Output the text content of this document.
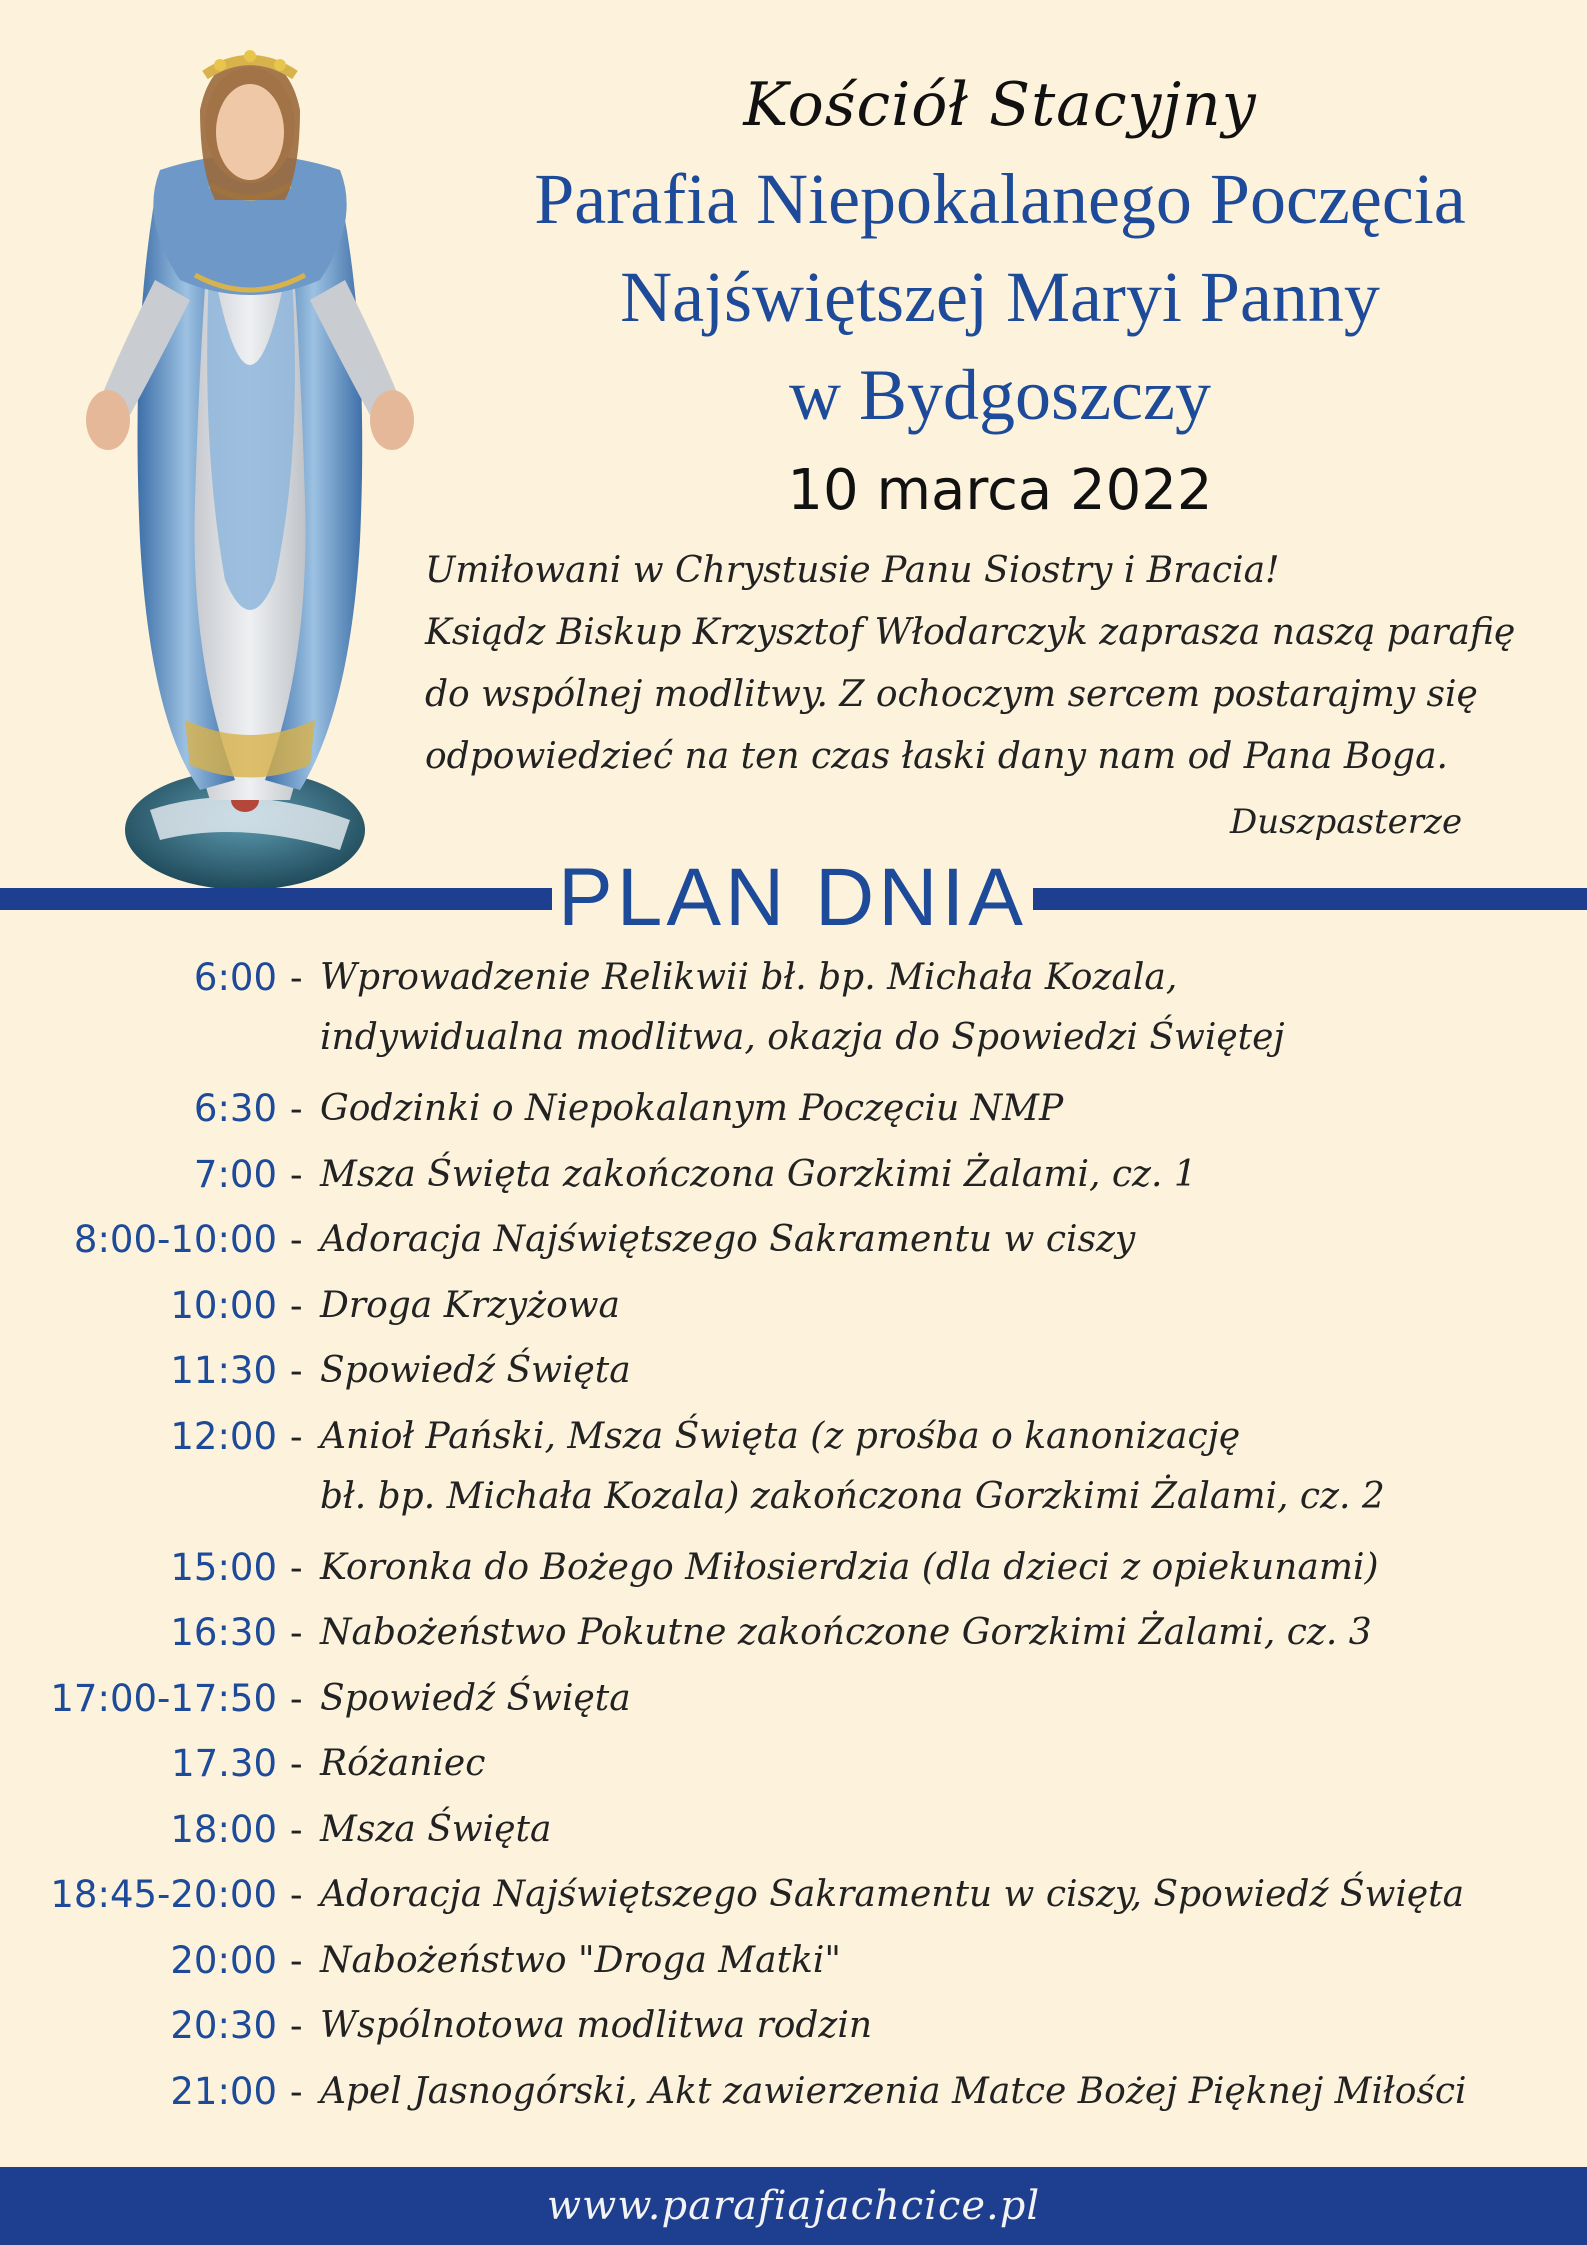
Kościół Stacyjny
Parafia Niepokalanego Poczęcia
Najświętszej Maryi Panny
w Bydgoszczy
10 marca 2022

Umiłowani w Chrystusie Panu Siostry i Bracia!

Ksiądz Biskup Krzysztof Włodarczyk zaprasza naszą parafię

do wspólnej modlitwy. Z ochoczym sercem postarajmy się

odpowiedzieć na ten czas łaski dany nam od Pana Boga.

Duszpasterze
PLAN DNIA
6:00 - Wprowadzenie Relikwii bł. bp. Michała Kozala,
indywidualna modlitwa, okazja do Spowiedzi Świętej
6:30 - Godzinki o Niepokalanym Poczęciu NMP
7:00 - Msza Święta zakończona Gorzkimi Żalami, cz. 1
8:00-10:00 - Adoracja Najświętszego Sakramentu w ciszy
10:00 - Droga Krzyżowa
11:30 - Spowiedź Święta
12:00 - Anioł Pański, Msza Święta (z prośba o kanonizację
bł. bp. Michała Kozala) zakończona Gorzkimi Żalami, cz. 2
15:00 - Koronka do Bożego Miłosierdzia (dla dzieci z opiekunami)
16:30 - Nabożeństwo Pokutne zakończone Gorzkimi Żalami, cz. 3
17:00-17:50 - Spowiedź Święta
17.30 - Różaniec
18:00 - Msza Święta
18:45-20:00 - Adoracja Najświętszego Sakramentu w ciszy, Spowiedź Święta
20:00 - Nabożeństwo "Droga Matki"
20:30 - Wspólnotowa modlitwa rodzin
21:00 - Apel Jasnogórski, Akt zawierzenia Matce Bożej Pięknej Miłości
www.parafiajachcice.pl
